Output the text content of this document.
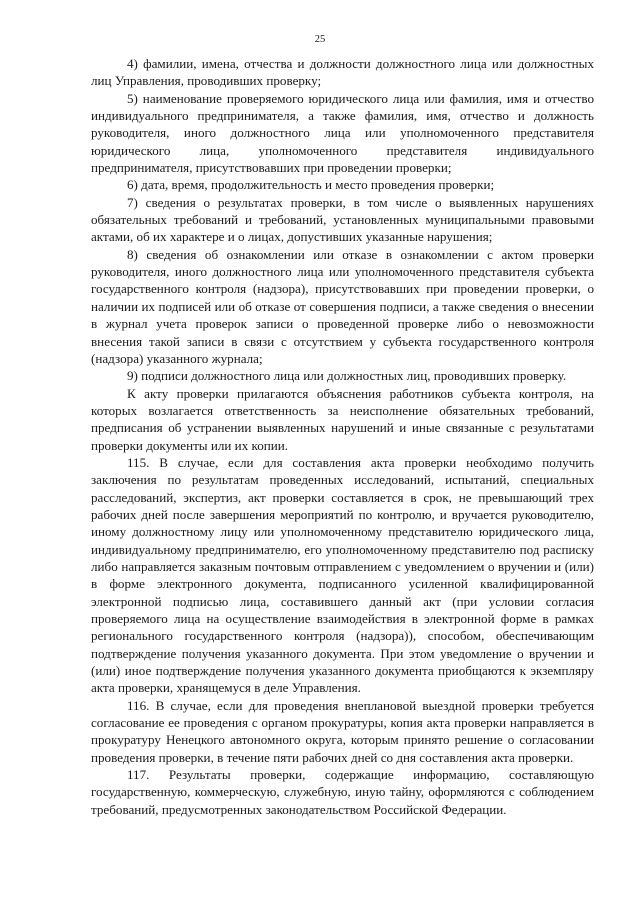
25

4) фамилии, имена, отчества и должности должностного лица или должностных лиц Управления, проводивших проверку;

5) наименование проверяемого юридического лица или фамилия, имя и отчество индивидуального предпринимателя, а также фамилия, имя, отчество и должность руководителя, иного должностного лица или уполномоченного представителя юридического лица, уполномоченного представителя индивидуального предпринимателя, присутствовавших при проведении проверки;

6) дата, время, продолжительность и место проведения проверки;

7) сведения о результатах проверки, в том числе о выявленных нарушениях обязательных требований и требований, установленных муниципальными правовыми актами, об их характере и о лицах, допустивших указанные нарушения;

8) сведения об ознакомлении или отказе в ознакомлении с актом проверки руководителя, иного должностного лица или уполномоченного представителя субъекта государственного контроля (надзора), присутствовавших при проведении проверки, о наличии их подписей или об отказе от совершения подписи, а также сведения о внесении в журнал учета проверок записи о проведенной проверке либо о невозможности внесения такой записи в связи с отсутствием у субъекта государственного контроля (надзора) указанного журнала;

9) подписи должностного лица или должностных лиц, проводивших проверку.

К акту проверки прилагаются объяснения работников субъекта контроля, на которых возлагается ответственность за неисполнение обязательных требований, предписания об устранении выявленных нарушений и иные связанные с результатами проверки документы или их копии.

115. В случае, если для составления акта проверки необходимо получить заключения по результатам проведенных исследований, испытаний, специальных расследований, экспертиз, акт проверки составляется в срок, не превышающий трех рабочих дней после завершения мероприятий по контролю, и вручается руководителю, иному должностному лицу или уполномоченному представителю юридического лица, индивидуальному предпринимателю, его уполномоченному представителю под расписку либо направляется заказным почтовым отправлением с уведомлением о вручении и (или) в форме электронного документа, подписанного усиленной квалифицированной электронной подписью лица, составившего данный акт (при условии согласия проверяемого лица на осуществление взаимодействия в электронной форме в рамках регионального государственного контроля (надзора)), способом, обеспечивающим подтверждение получения указанного документа. При этом уведомление о вручении и (или) иное подтверждение получения указанного документа приобщаются к экземпляру акта проверки, хранящемуся в деле Управления.

116. В случае, если для проведения внеплановой выездной проверки требуется согласование ее проведения с органом прокуратуры, копия акта проверки направляется в прокуратуру Ненецкого автономного округа, которым принято решение о согласовании проведения проверки, в течение пяти рабочих дней со дня составления акта проверки.

117. Результаты проверки, содержащие информацию, составляющую государственную, коммерческую, служебную, иную тайну, оформляются с соблюдением требований, предусмотренных законодательством Российской Федерации.
